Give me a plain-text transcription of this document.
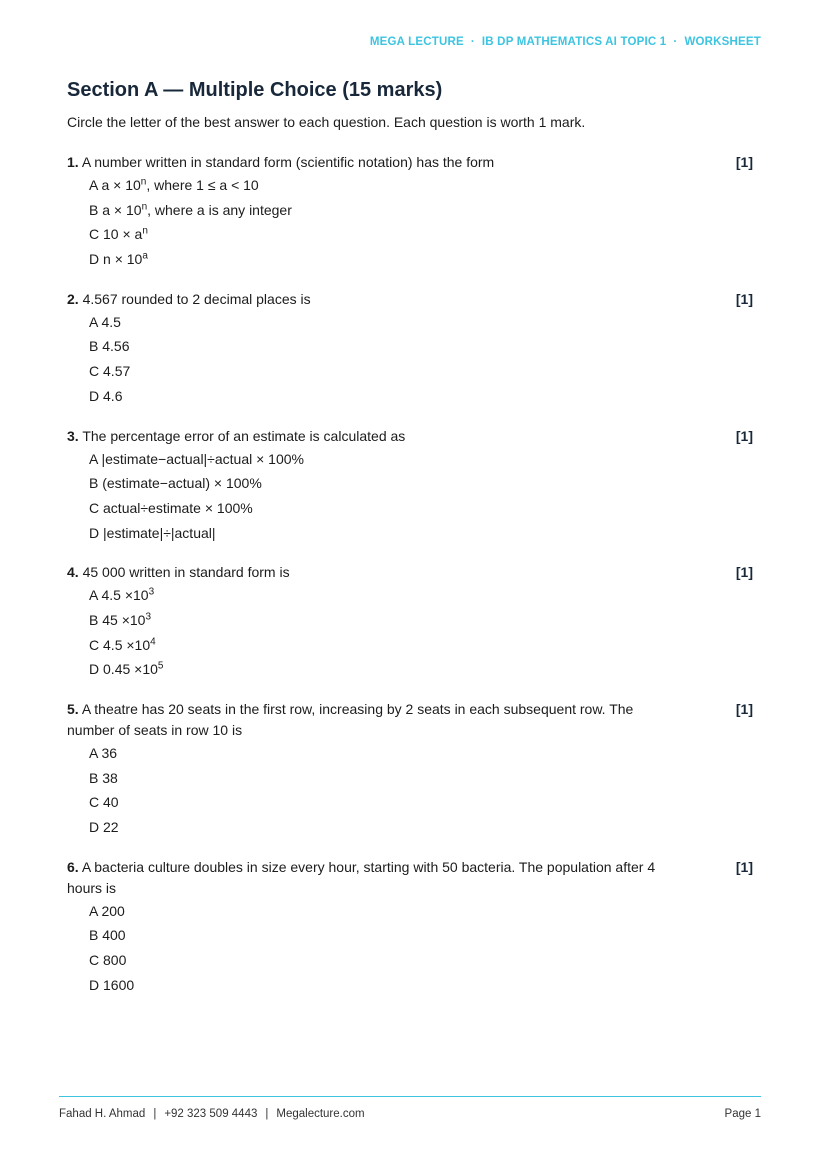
MEGA LECTURE · IB DP MATHEMATICS AI TOPIC 1 · WORKSHEET
Section A — Multiple Choice (15 marks)

Circle the letter of the best answer to each question. Each question is worth 1 mark.

1. A number written in standard form (scientific notation) has the form	[1]
A $a \times 10^n$, where 1 ≤ a < 10
B $a \times 10^n$, where a is any integer
C $10 \times a^n$
D $n \times 10^a$
2. 4.567 rounded to 2 decimal places is	[1]
A 4.5
B 4.56
C 4.57
D 4.6
3. The percentage error of an estimate is calculated as	[1]
A |estimate−actual|÷actual × 100%
B (estimate−actual) × 100%
C actual÷estimate × 100%
D |estimate|÷|actual|
4. 45 000 written in standard form is	[1]
A $4.5 \times 10^3$
B $45 \times 10^3$
C $4.5 \times 10^4$
D $0.45 \times 10^5$
5. A theatre has 20 seats in the first row, increasing by 2 seats in each subsequent row. The number of seats in row 10 is
[1]
A 36
B 38
C 40
D 22
6. A bacteria culture doubles in size every hour, starting with 50 bacteria. The population after 4 hours is
[1]
A 200
B 400
C 800
D 1600
Fahad H. Ahmad | +92 323 509 4443 | Megalecture.com	Page 1
